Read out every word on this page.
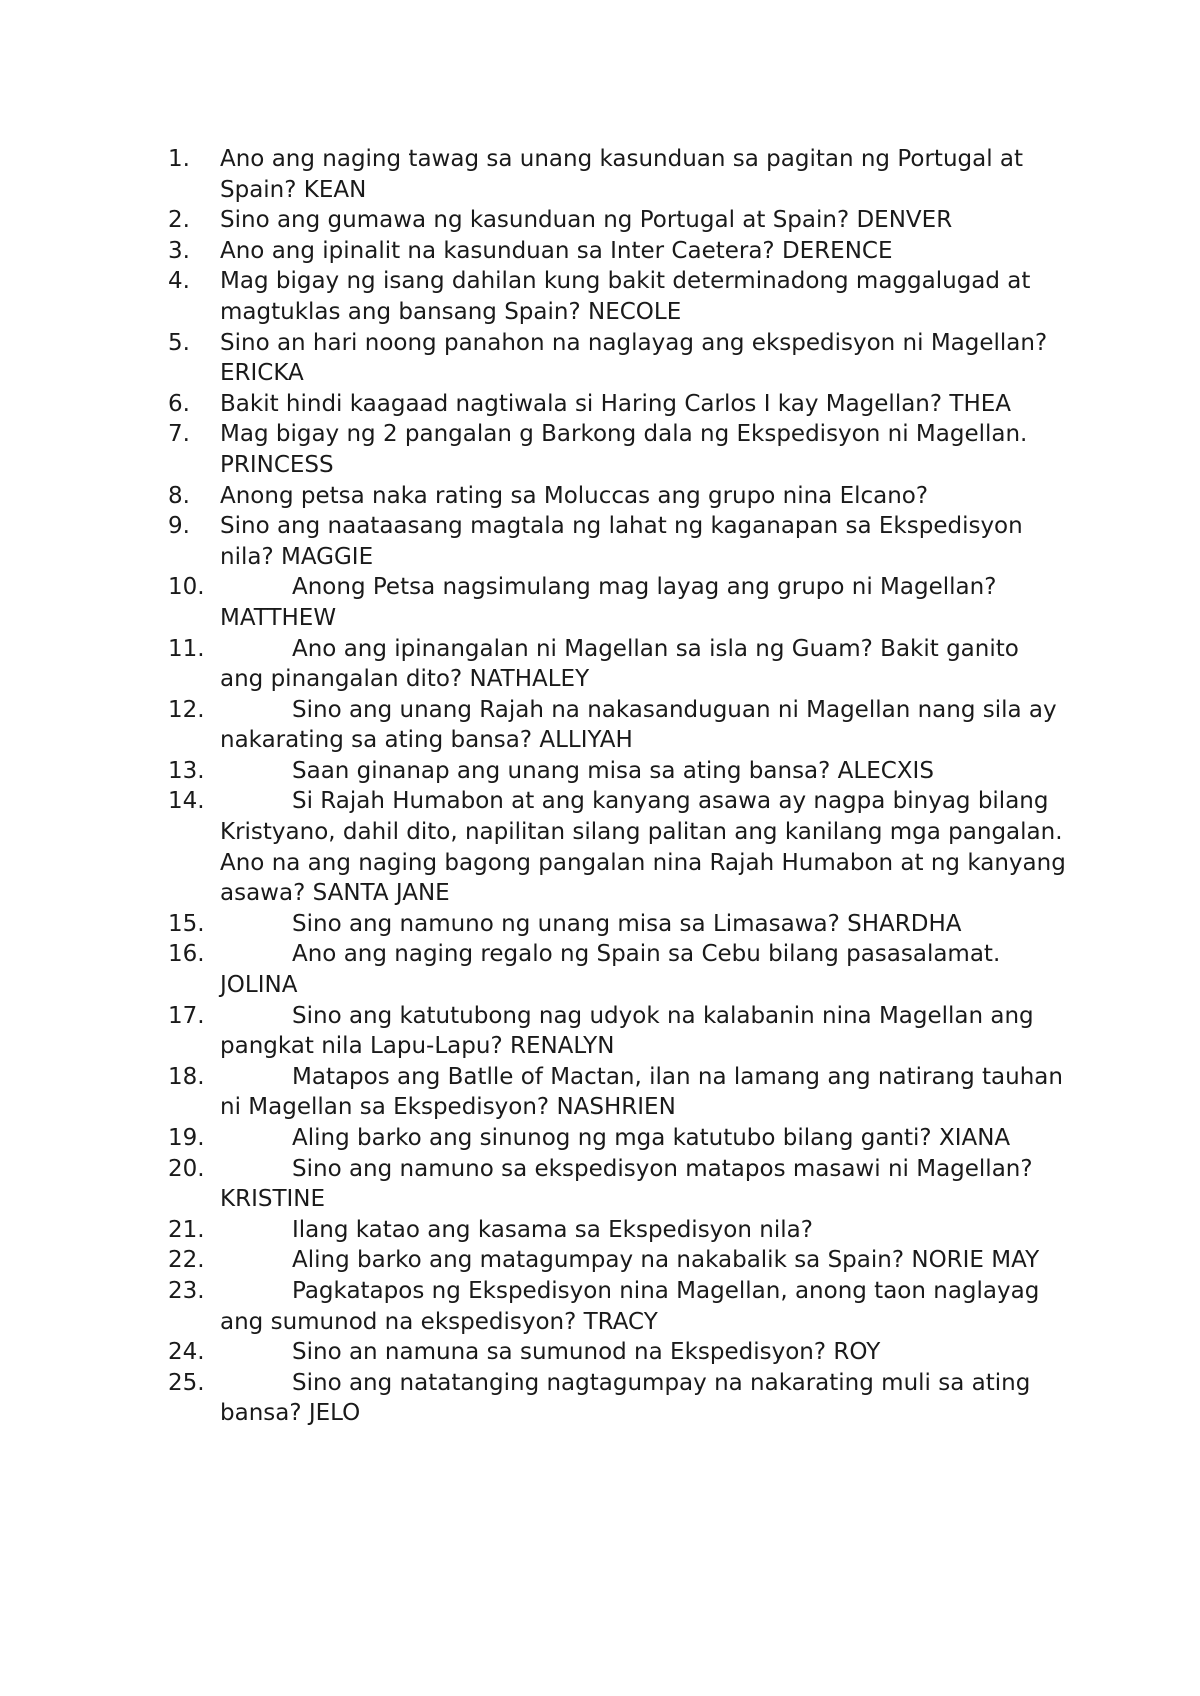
1. Ano ang naging tawag sa unang kasunduan sa pagitan ng Portugal at Spain? KEAN
2. Sino ang gumawa ng kasunduan ng Portugal at Spain? DENVER
3. Ano ang ipinalit na kasunduan sa Inter Caetera? DERENCE
4. Mag bigay ng isang dahilan kung bakit determinadong maggalugad at magtuklas ang bansang Spain? NECOLE
5. Sino an hari noong panahon na naglayag ang ekspedisyon ni Magellan? ERICKA
6. Bakit hindi kaagaad nagtiwala si Haring Carlos I kay Magellan? THEA
7. Mag bigay ng 2 pangalan g Barkong dala ng Ekspedisyon ni Magellan. PRINCESS
8. Anong petsa naka rating sa Moluccas ang grupo nina Elcano?
9. Sino ang naataasang magtala ng lahat ng kaganapan sa Ekspedisyon nila? MAGGIE
10.	Anong Petsa nagsimulang mag layag ang grupo ni Magellan? MATTHEW
11.	Ano ang ipinangalan ni Magellan sa isla ng Guam? Bakit ganito ang pinangalan dito? NATHALEY
12.	Sino ang unang Rajah na nakasanduguan ni Magellan nang sila ay nakarating sa ating bansa? ALLIYAH
13.	Saan ginanap ang unang misa sa ating bansa? ALECXIS
14.	Si Rajah Humabon at ang kanyang asawa ay nagpa binyag bilang Kristyano, dahil dito, napilitan silang palitan ang kanilang mga pangalan. Ano na ang naging bagong pangalan nina Rajah Humabon at ng kanyang asawa? SANTA JANE
15.	Sino ang namuno ng unang misa sa Limasawa? SHARDHA
16.	Ano ang naging regalo ng Spain sa Cebu bilang pasasalamat. JOLINA
17.	Sino ang katutubong nag udyok na kalabanin nina Magellan ang pangkat nila Lapu-Lapu? RENALYN
18.	Matapos ang Batlle of Mactan, ilan na lamang ang natirang tauhan ni Magellan sa Ekspedisyon? NASHRIEN
19.	Aling barko ang sinunog ng mga katutubo bilang ganti? XIANA
20.	Sino ang namuno sa ekspedisyon matapos masawi ni Magellan? KRISTINE
21.	Ilang katao ang kasama sa Ekspedisyon nila?
22.	Aling barko ang matagumpay na nakabalik sa Spain? NORIE MAY
23.	Pagkatapos ng Ekspedisyon nina Magellan, anong taon naglayag ang sumunod na ekspedisyon? TRACY
24.	Sino an namuna sa sumunod na Ekspedisyon? ROY
25.	Sino ang natatanging nagtagumpay na nakarating muli sa ating bansa? JELO
